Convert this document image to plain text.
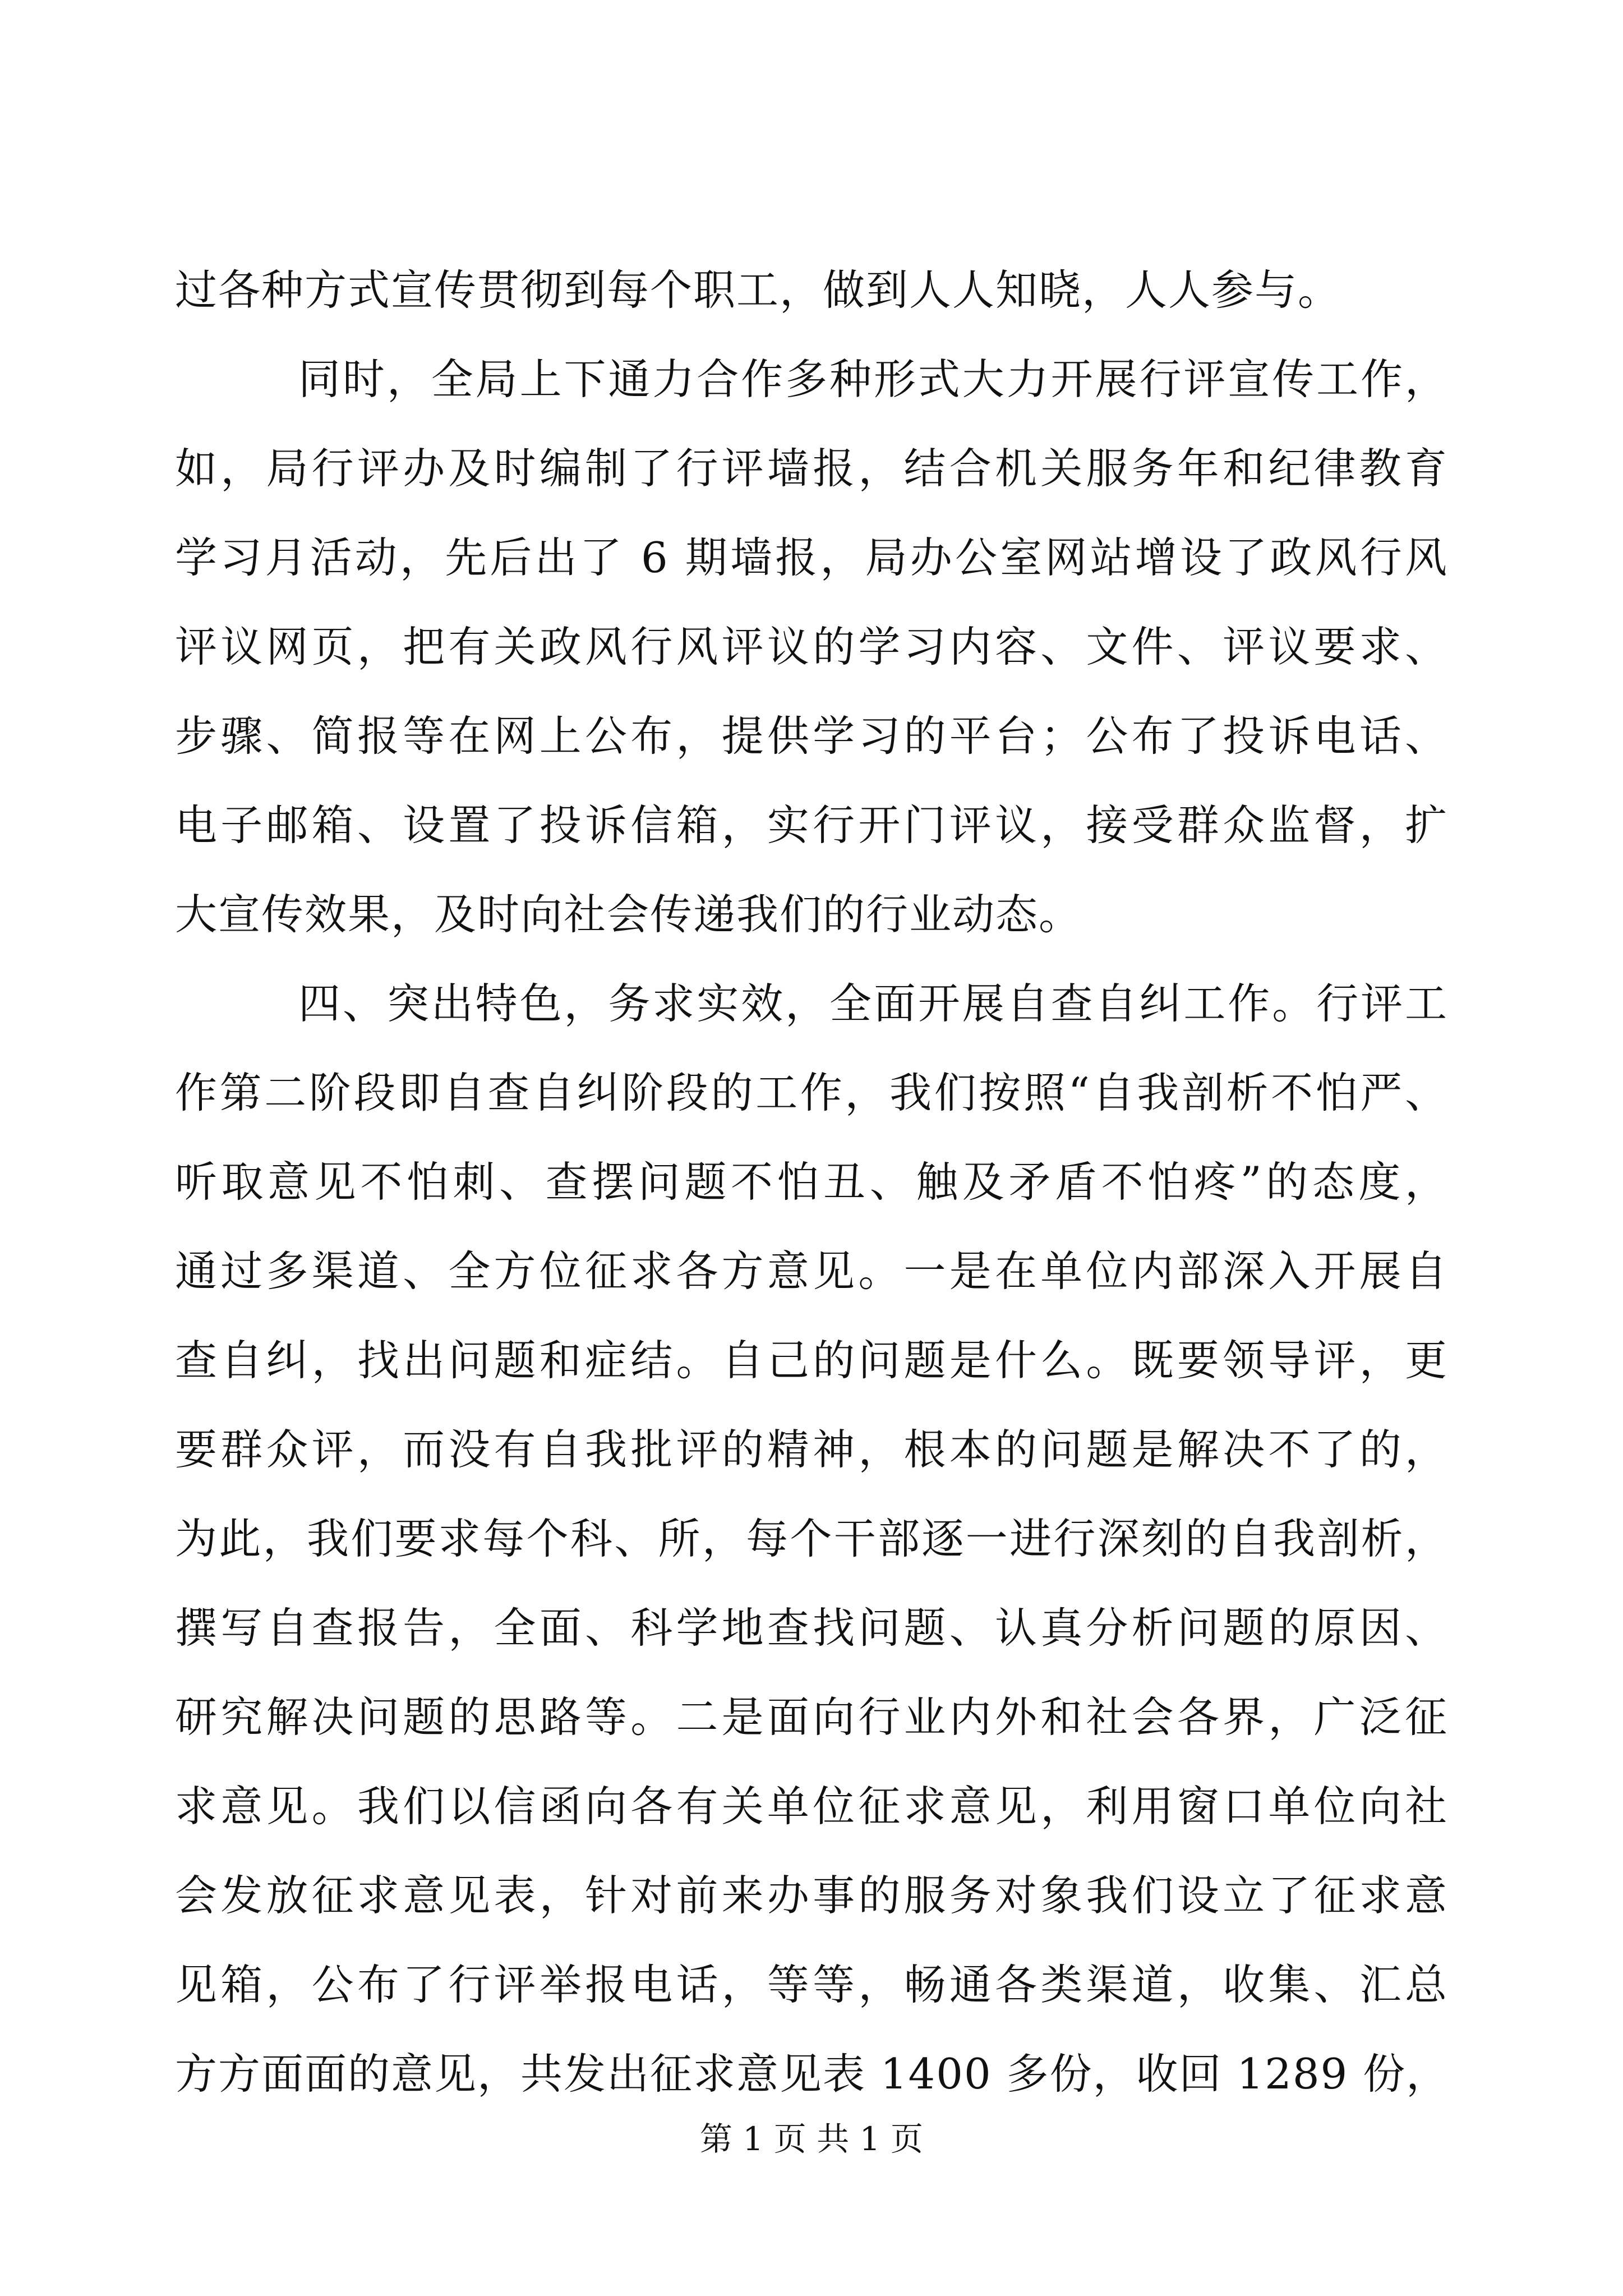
过各种方式宣传贯彻到每个职工，做到人人知晓，人人参与。
同时，全局上下通力合作多种形式大力开展行评宣传工作，
如，局行评办及时编制了行评墙报，结合机关服务年和纪律教育
学习月活动，先后出了 6 期墙报，局办公室网站增设了政风行风
评议网页，把有关政风行风评议的学习内容、文件、评议要求、
步骤、简报等在网上公布，提供学习的平台；公布了投诉电话、
电子邮箱、设置了投诉信箱，实行开门评议，接受群众监督，扩
大宣传效果，及时向社会传递我们的行业动态。
四、突出特色，务求实效，全面开展自查自纠工作。行评工
作第二阶段即自查自纠阶段的工作，我们按照“自我剖析不怕严、
听取意见不怕刺、查摆问题不怕丑、触及矛盾不怕疼”的态度，
通过多渠道、全方位征求各方意见。一是在单位内部深入开展自
查自纠，找出问题和症结。自己的问题是什么。既要领导评，更
要群众评，而没有自我批评的精神，根本的问题是解决不了的，
为此，我们要求每个科、所，每个干部逐一进行深刻的自我剖析，
撰写自查报告，全面、科学地查找问题、认真分析问题的原因、
研究解决问题的思路等。二是面向行业内外和社会各界，广泛征
求意见。我们以信函向各有关单位征求意见，利用窗口单位向社
会发放征求意见表，针对前来办事的服务对象我们设立了征求意
见箱，公布了行评举报电话，等等，畅通各类渠道，收集、汇总
方方面面的意见，共发出征求意见表 1400 多份，收回 1289 份，
第 1 页 共 1 页
